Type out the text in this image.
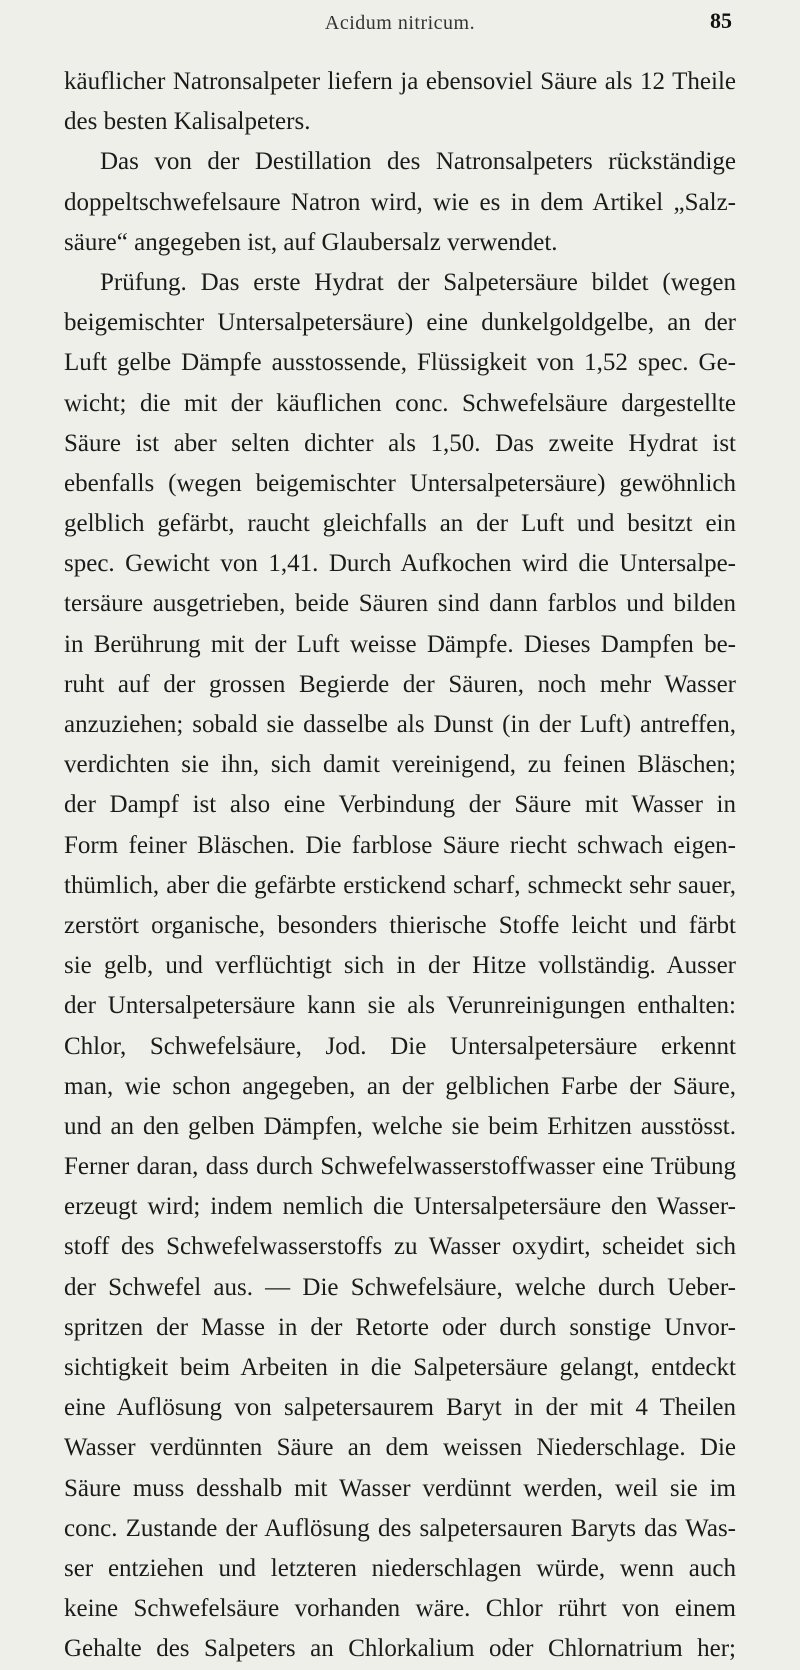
Acidum nitricum.	85
käuflicher Natronsalpeter liefern ja ebensoviel Säure als 12 Theile
des besten Kalisalpeters.
Das von der Destillation des Natronsalpeters rückständige
doppeltschwefelsaure Natron wird, wie es in dem Artikel „Salz-
säure“ angegeben ist, auf Glaubersalz verwendet.
Prüfung. Das erste Hydrat der Salpetersäure bildet (wegen
beigemischter Untersalpetersäure) eine dunkelgoldgelbe, an der
Luft gelbe Dämpfe ausstossende, Flüssigkeit von 1,52 spec. Ge-
wicht; die mit der käuflichen conc. Schwefelsäure dargestellte
Säure ist aber selten dichter als 1,50. Das zweite Hydrat ist
ebenfalls (wegen beigemischter Untersalpetersäure) gewöhnlich
gelblich gefärbt, raucht gleichfalls an der Luft und besitzt ein
spec. Gewicht von 1,41. Durch Aufkochen wird die Untersalpe-
tersäure ausgetrieben, beide Säuren sind dann farblos und bilden
in Berührung mit der Luft weisse Dämpfe. Dieses Dampfen be-
ruht auf der grossen Begierde der Säuren, noch mehr Wasser
anzuziehen; sobald sie dasselbe als Dunst (in der Luft) antreffen,
verdichten sie ihn, sich damit vereinigend, zu feinen Bläschen;
der Dampf ist also eine Verbindung der Säure mit Wasser in
Form feiner Bläschen. Die farblose Säure riecht schwach eigen-
thümlich, aber die gefärbte erstickend scharf, schmeckt sehr sauer,
zerstört organische, besonders thierische Stoffe leicht und färbt
sie gelb, und verflüchtigt sich in der Hitze vollständig. Ausser
der Untersalpetersäure kann sie als Verunreinigungen enthalten:
Chlor, Schwefelsäure, Jod. Die Untersalpetersäure erkennt
man, wie schon angegeben, an der gelblichen Farbe der Säure,
und an den gelben Dämpfen, welche sie beim Erhitzen ausstösst.
Ferner daran, dass durch Schwefelwasserstoffwasser eine Trübung
erzeugt wird; indem nemlich die Untersalpetersäure den Wasser-
stoff des Schwefelwasserstoffs zu Wasser oxydirt, scheidet sich
der Schwefel aus. — Die Schwefelsäure, welche durch Ueber-
spritzen der Masse in der Retorte oder durch sonstige Unvor-
sichtigkeit beim Arbeiten in die Salpetersäure gelangt, entdeckt
eine Auflösung von salpetersaurem Baryt in der mit 4 Theilen
Wasser verdünnten Säure an dem weissen Niederschlage. Die
Säure muss desshalb mit Wasser verdünnt werden, weil sie im
conc. Zustande der Auflösung des salpetersauren Baryts das Was-
ser entziehen und letzteren niederschlagen würde, wenn auch
keine Schwefelsäure vorhanden wäre. Chlor rührt von einem
Gehalte des Salpeters an Chlorkalium oder Chlornatrium her;
